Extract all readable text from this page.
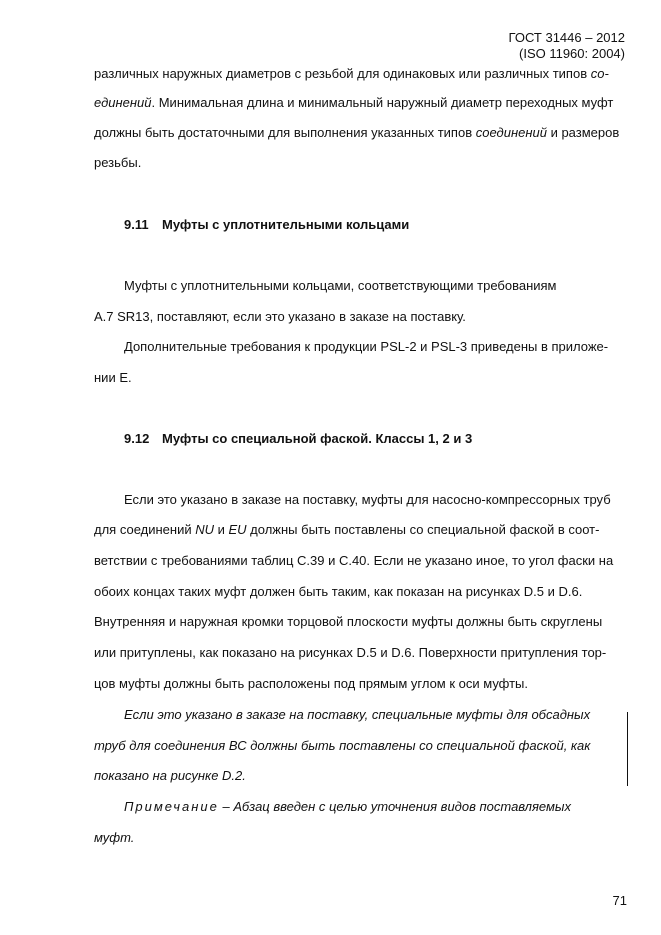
ГОСТ 31446 – 2012
(ISO 11960: 2004)
различных наружных диаметров с резьбой для одинаковых или различных типов со-
единений. Минимальная длина и минимальный наружный диаметр переходных муфт
должны быть достаточными для выполнения указанных типов соединений и размеров
резьбы.
9.11 Муфты с уплотнительными кольцами
Муфты с уплотнительными кольцами, соответствующими требованиям
А.7 SR13, поставляют, если это указано в заказе на поставку.
Дополнительные требования к продукции PSL-2 и PSL-3 приведены в приложе-
нии Е.
9.12 Муфты со специальной фаской. Классы 1, 2 и 3
Если это указано в заказе на поставку, муфты для насосно-компрессорных труб
для соединений NU и EU должны быть поставлены со специальной фаской в соот-
ветствии с требованиями таблиц С.39 и С.40. Если не указано иное, то угол фаски на
обоих концах таких муфт должен быть таким, как показан на рисунках D.5 и D.6.
Внутренняя и наружная кромки торцовой плоскости муфты должны быть скруглены
или притуплены, как показано на рисунках D.5 и D.6. Поверхности притупления тор-
цов муфты должны быть расположены под прямым углом к оси муфты.
Если это указано в заказе на поставку, специальные муфты для обсадных
труб для соединения ВС должны быть поставлены со специальной фаской, как
показано на рисунке D.2.
Примечание – Абзац введен с целью уточнения видов поставляемых
муфт.
71
